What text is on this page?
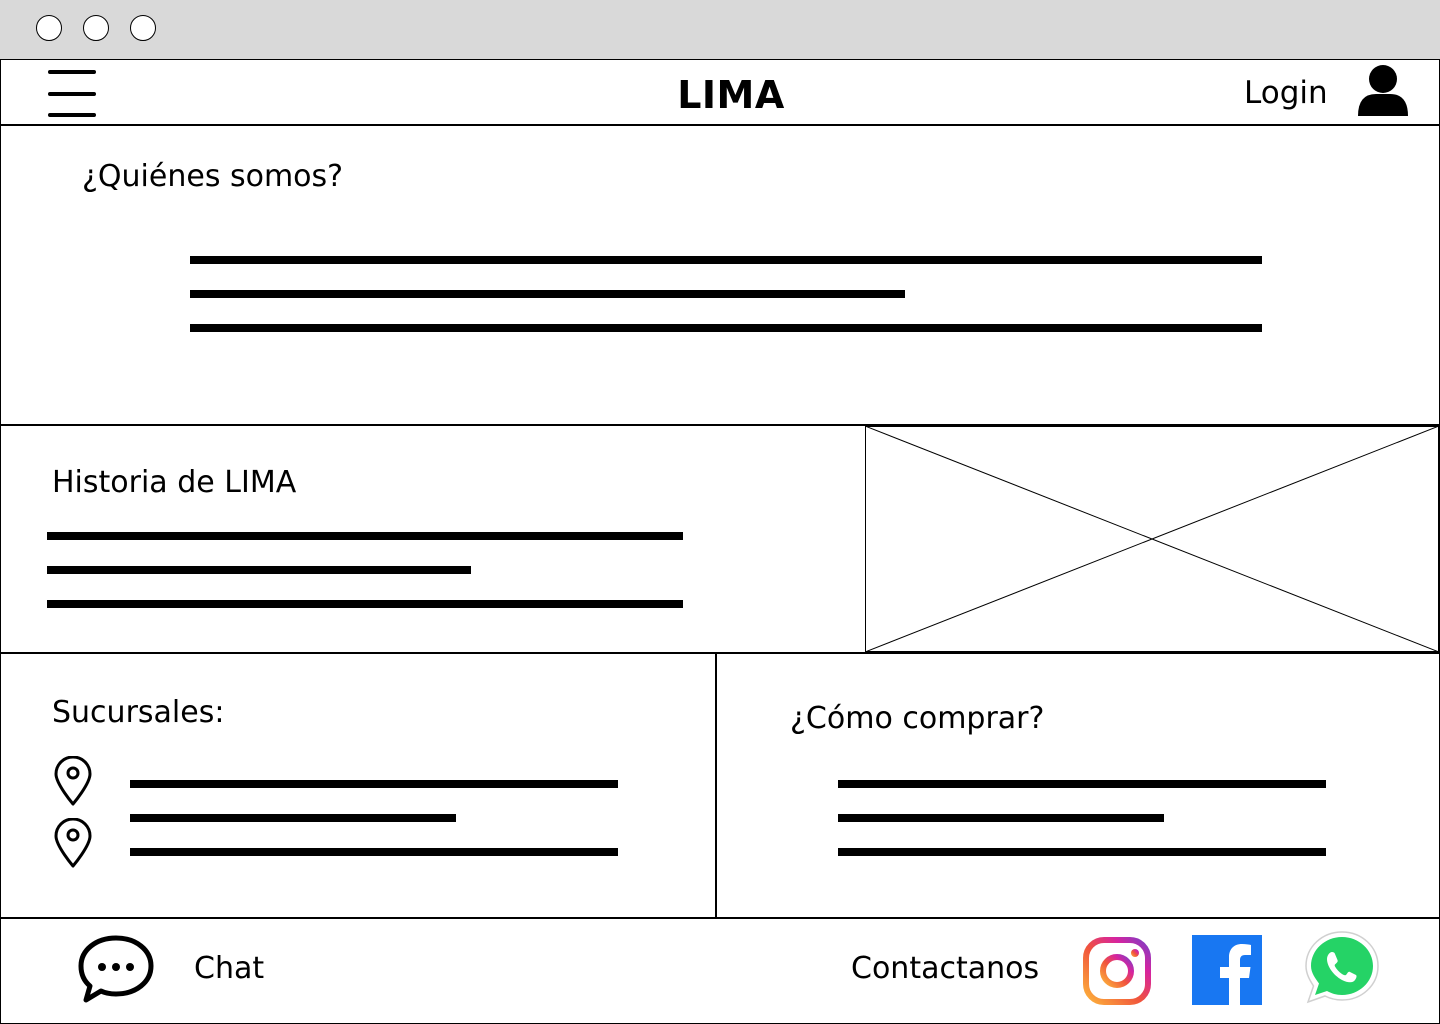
LIMA	Login
¿Quiénes somos?
Historia de LIMA
Sucursales:	¿Cómo comprar?
Chat	Contactanos
